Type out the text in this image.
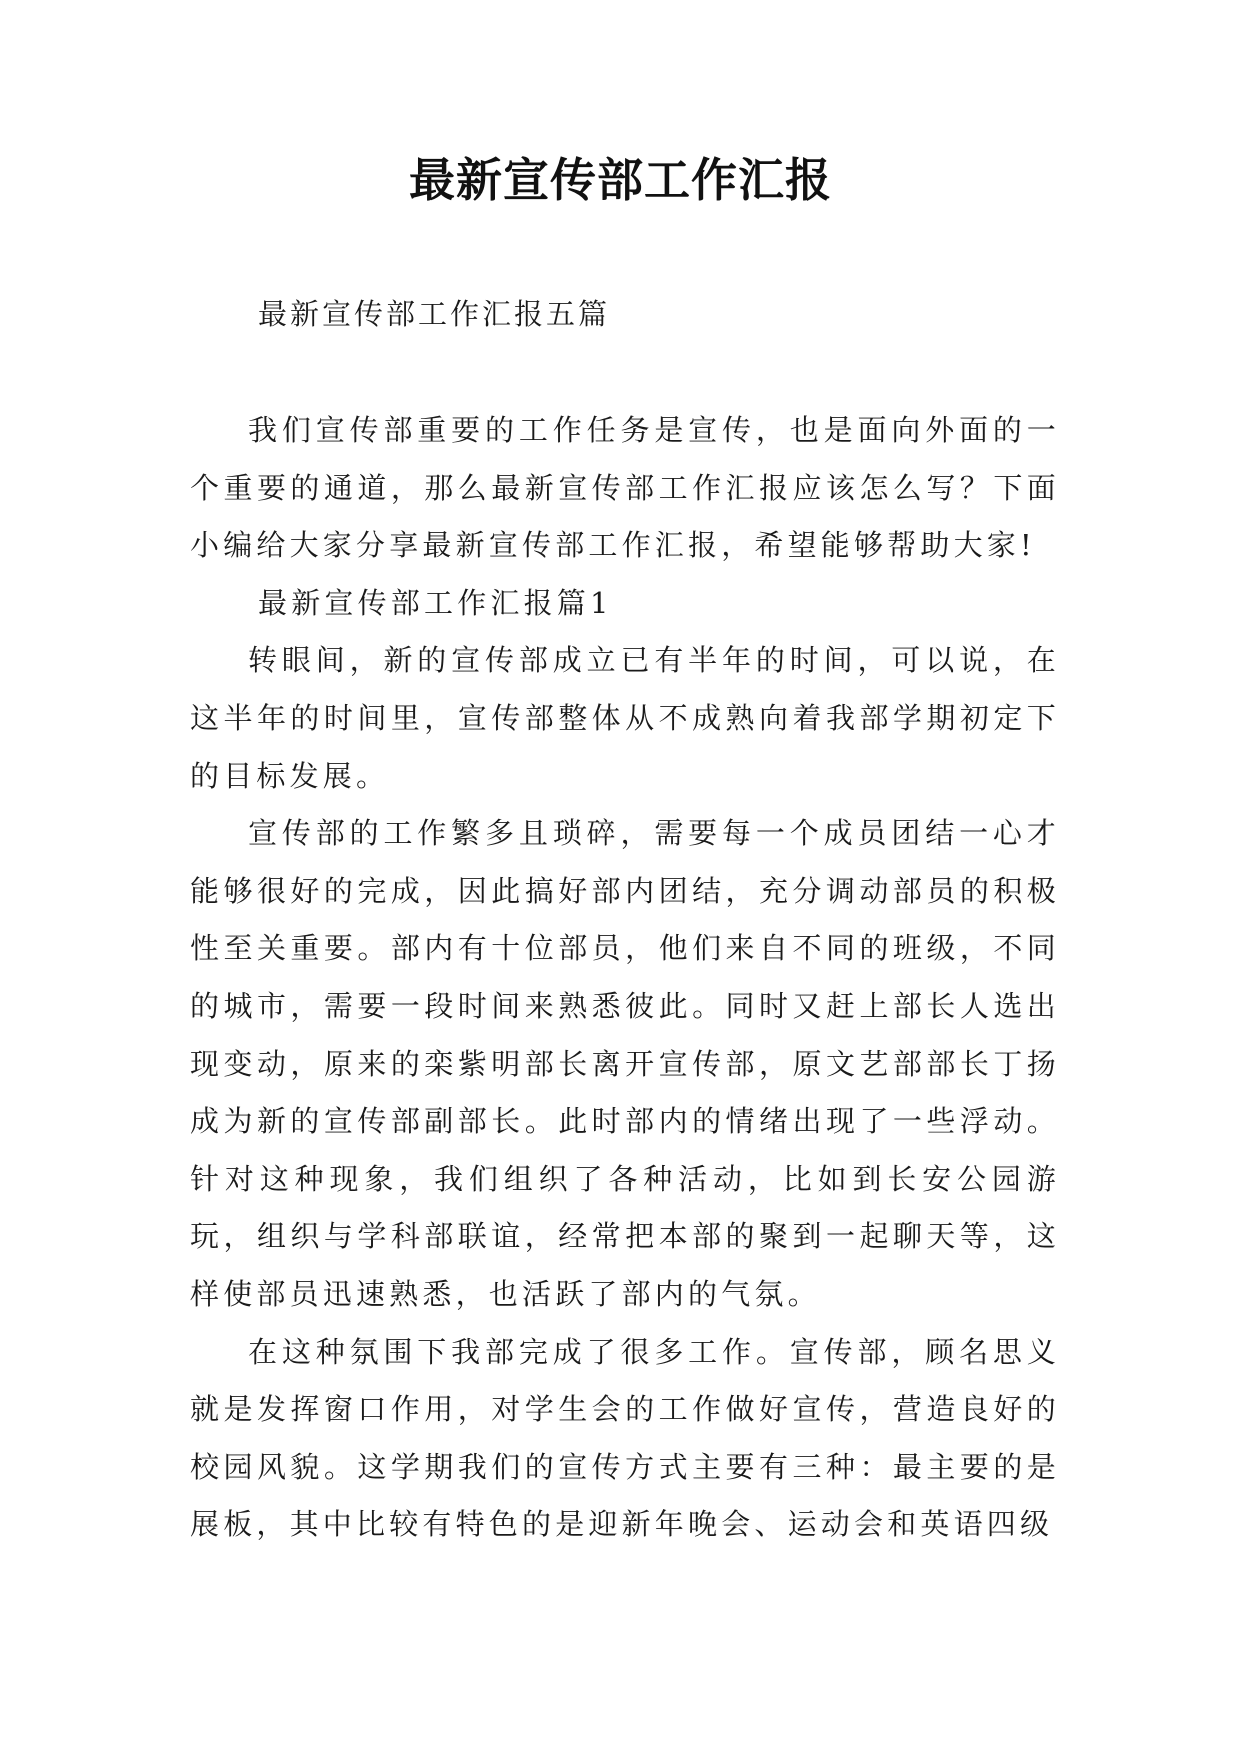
最新宣传部工作汇报

最新宣传部工作汇报五篇

我们宣传部重要的工作任务是宣传，也是面向外面的一个重要的通道，那么最新宣传部工作汇报应该怎么写？下面小编给大家分享最新宣传部工作汇报，希望能够帮助大家!

最新宣传部工作汇报篇1

转眼间，新的宣传部成立已有半年的时间，可以说，在这半年的时间里，宣传部整体从不成熟向着我部学期初定下的目标发展。

宣传部的工作繁多且琐碎，需要每一个成员团结一心才能够很好的完成，因此搞好部内团结，充分调动部员的积极性至关重要。部内有十位部员，他们来自不同的班级，不同的城市，需要一段时间来熟悉彼此。同时又赶上部长人选出现变动，原来的栾紫明部长离开宣传部，原文艺部部长丁扬成为新的宣传部副部长。此时部内的情绪出现了一些浮动。针对这种现象，我们组织了各种活动，比如到长安公园游玩，组织与学科部联谊，经常把本部的聚到一起聊天等，这样使部员迅速熟悉，也活跃了部内的气氛。

在这种氛围下我部完成了很多工作。宣传部，顾名思义就是发挥窗口作用，对学生会的工作做好宣传，营造良好的校园风貌。这学期我们的宣传方式主要有三种：最主要的是展板，其中比较有特色的是迎新年晚会、运动会和英语四级
